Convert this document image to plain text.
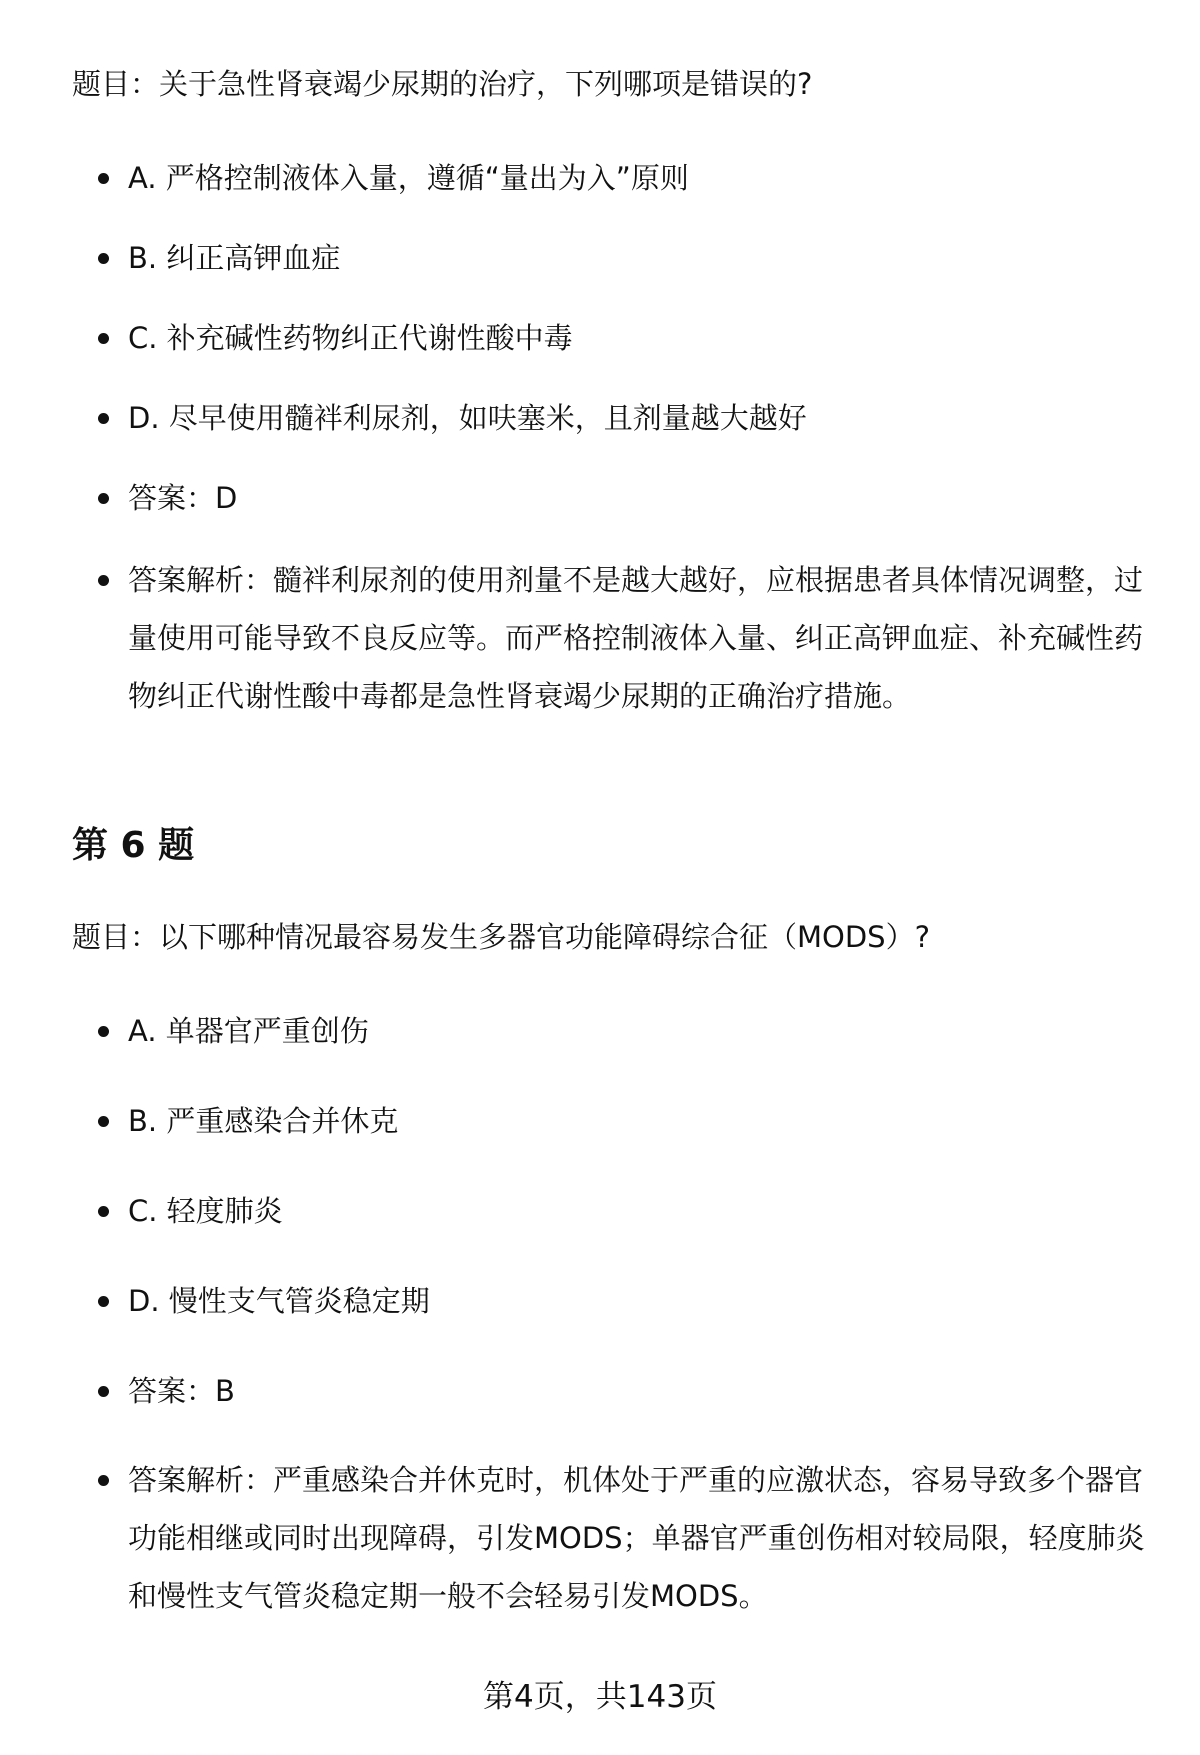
题目：关于急性肾衰竭少尿期的治疗，下列哪项是错误的?
A. 严格控制液体入量，遵循“量出为入”原则
B. 纠正高钾血症
C. 补充碱性药物纠正代谢性酸中毒
D. 尽早使用髓袢利尿剂，如呋塞米，且剂量越大越好
答案：D
答案解析：髓袢利尿剂的使用剂量不是越大越好，应根据患者具体情况调整，过量使用可能导致不良反应等。而严格控制液体入量、纠正高钾血症、补充碱性药物纠正代谢性酸中毒都是急性肾衰竭少尿期的正确治疗措施。
第 6 题
题目：以下哪种情况最容易发生多器官功能障碍综合征（MODS）?
A. 单器官严重创伤
B. 严重感染合并休克
C. 轻度肺炎
D. 慢性支气管炎稳定期
答案：B
答案解析：严重感染合并休克时，机体处于严重的应激状态，容易导致多个器官功能相继或同时出现障碍，引发MODS；单器官严重创伤相对较局限，轻度肺炎和慢性支气管炎稳定期一般不会轻易引发MODS。
第4页，共143页
